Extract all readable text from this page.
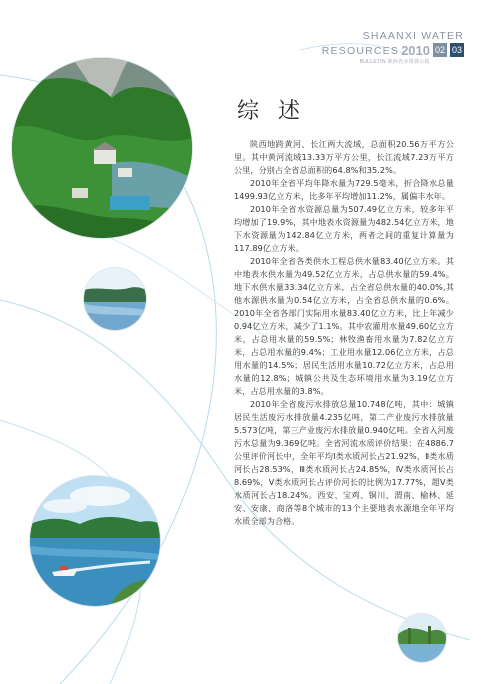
SHAANXI WATER
RESOURCES 2010 02 03
BULLETIN 陕西省水资源公报
综 述

陕西地跨黄河、长江两大流域，总面积20.56万平方公里。其中黄河流域13.33万平方公里，长江流域7.23万平方公里，分别占全省总面积的64.8%和35.2%。

2010年全省平均年降水量为729.5毫米，折合降水总量1499.93亿立方米，比多年平均增加11.2%，属偏丰水年。

2010年全省水资源总量为507.49亿立方米，较多年平均增加了19.9%，其中地表水资源量为482.54亿立方米，地下水资源量为142.84亿立方米，两者之间的重复计算量为117.89亿立方米。

2010年全省各类供水工程总供水量83.40亿立方米。其中地表水供水量为49.52亿立方米，占总供水量的59.4%。地下水供水量33.34亿立方米，占全省总供水量的40.0%,其他水源供水量为0.54亿立方米，占全省总供水量的0.6%。2010年全省各部门实际用水量83.40亿立方米，比上年减少0.94亿立方米，减少了1.1%。其中农灌用水量49.60亿立方米，占总用水量的59.5%；林牧渔畜用水量为7.82亿立方米，占总用水量的9.4%；工业用水量12.06亿立方米，占总用水量的14.5%；居民生活用水量10.72亿立方米，占总用水量的12.8%；城镇公共及生态环境用水量为3.19亿立方米，占总用水量的3.8%。

2010年全省废污水排放总量10.748亿吨，其中：城镇居民生活废污水排放量4.235亿吨，第二产业废污水排放量5.573亿吨，第三产业废污水排放量0.940亿吨。全省入河废污水总量为9.369亿吨。全省河流水质评价结果：在4886.7公里评价河长中，全年平均Ⅰ类水质河长占21.92%，Ⅱ类水质河长占28.53%，Ⅲ类水质河长占24.85%，Ⅳ类水质河长占8.69%，Ⅴ类水质河长占评价河长的比例为17.77%，超Ⅴ类水质河长占18.24%。西安、宝鸡、铜川、渭南、榆林、延安、安康、商洛等8个城市的13个主要地表水源地全年平均水质全部为合格。
